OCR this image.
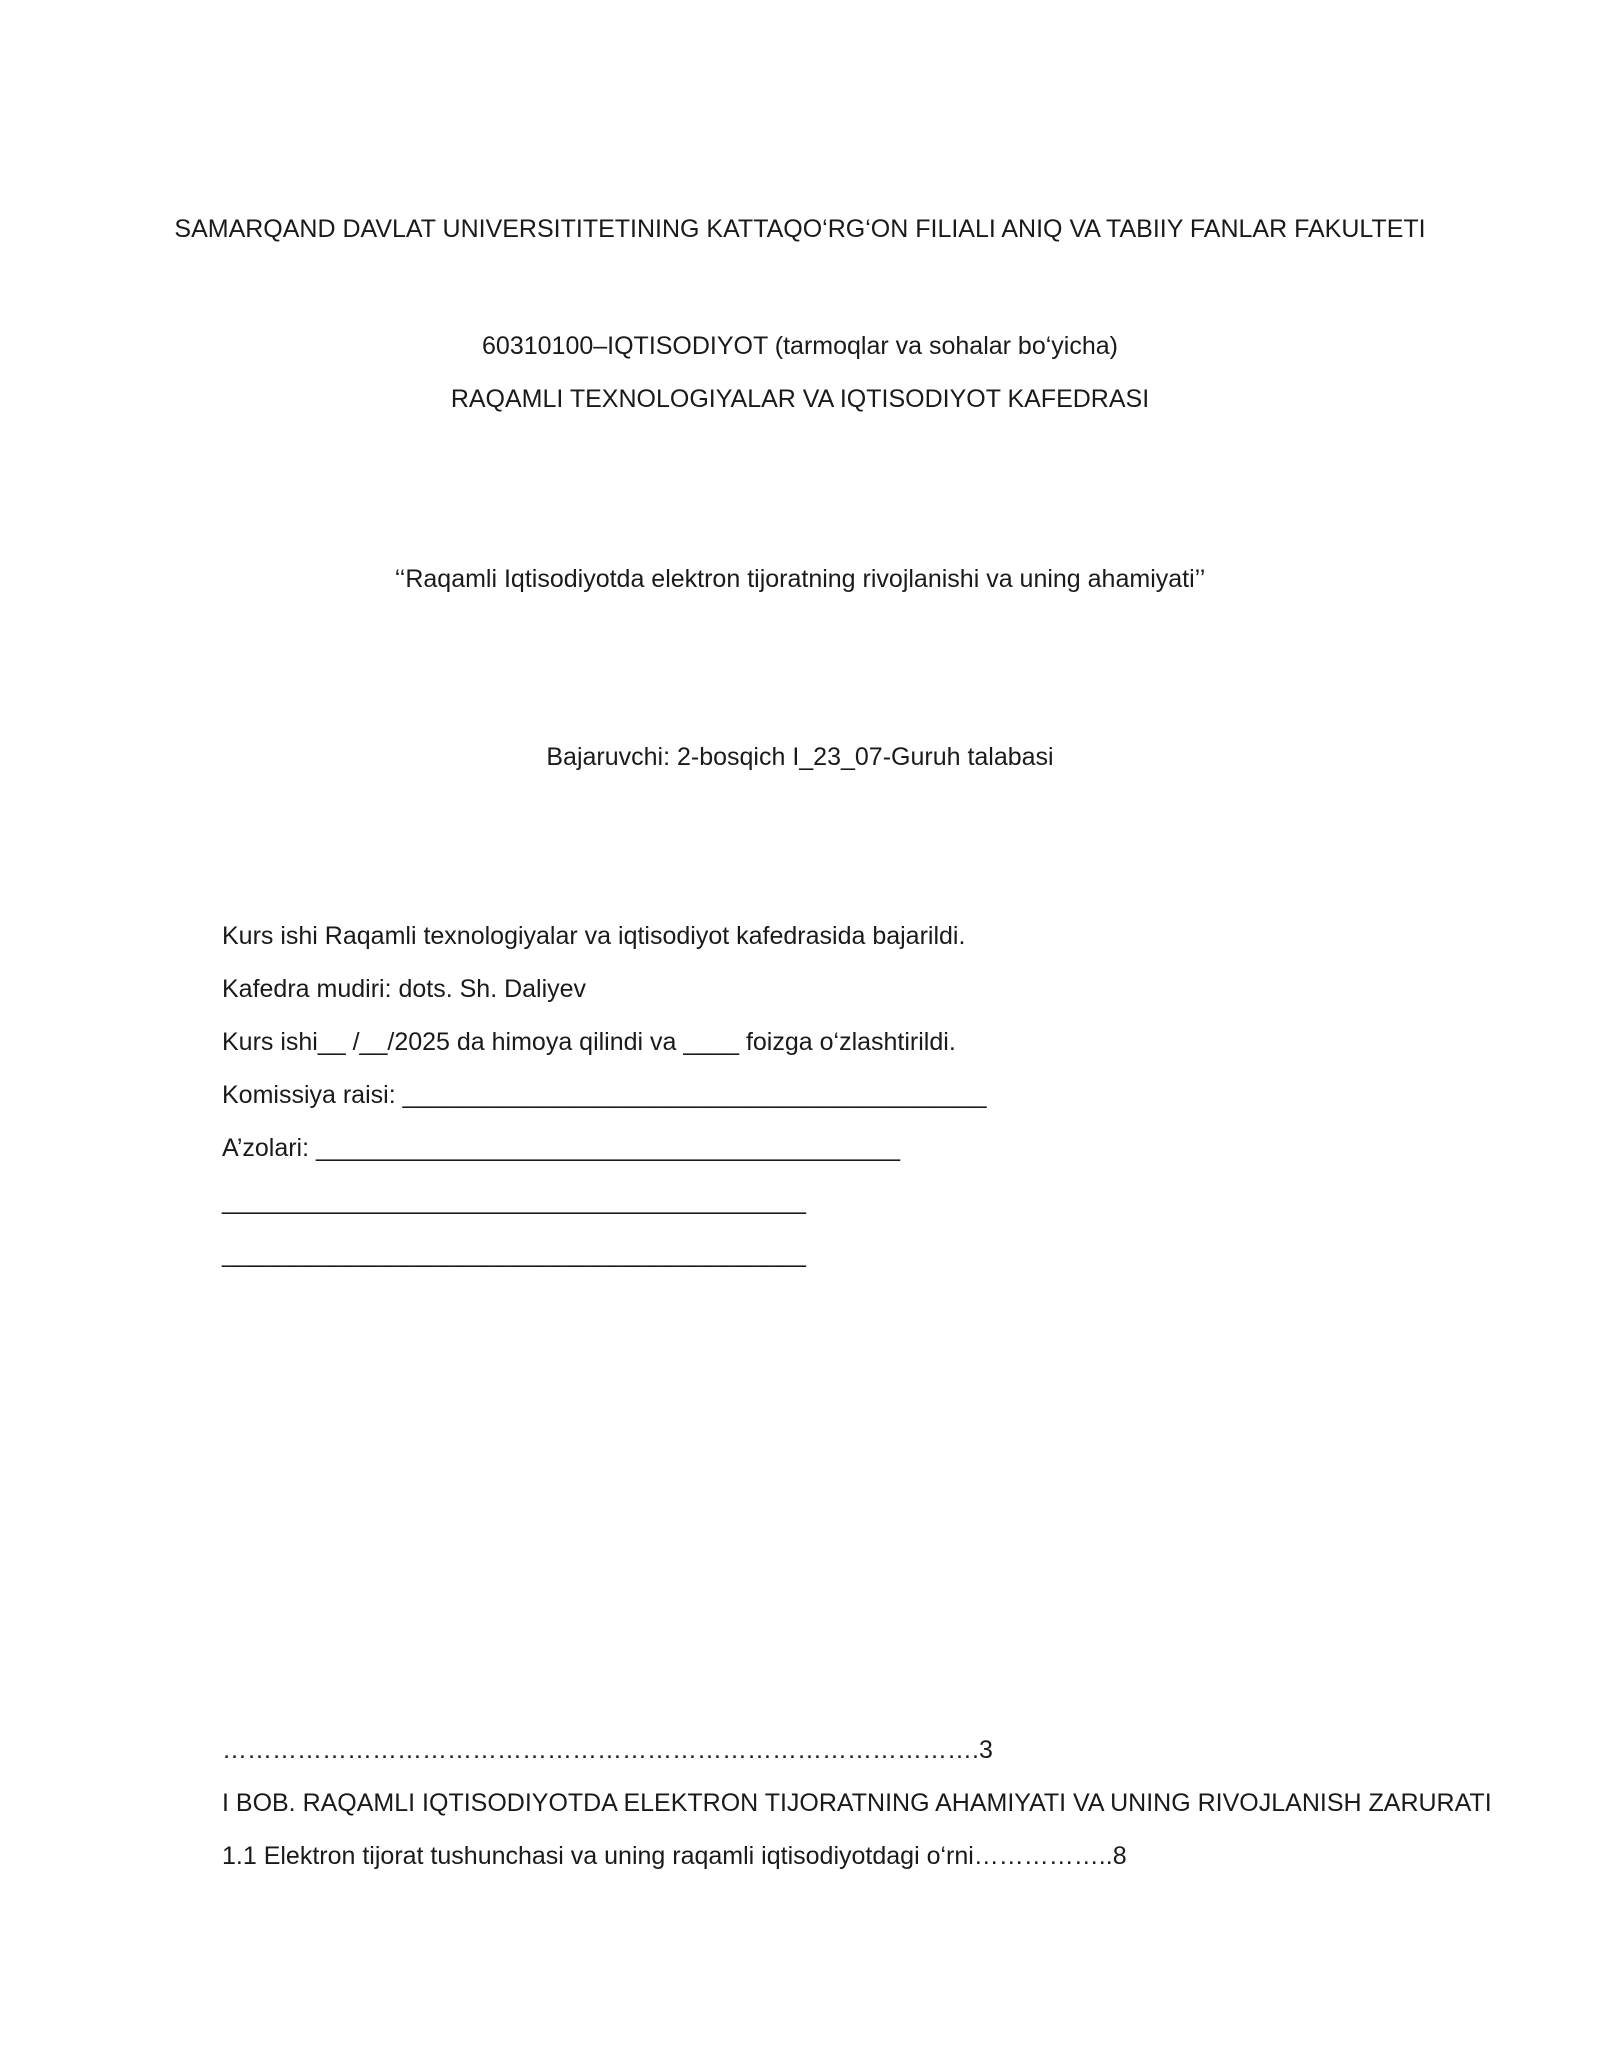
SAMARQAND DAVLAT UNIVERSITITETINING KATTAQO‘RG‘ON FILIALI ANIQ VA TABIIY FANLAR FAKULTETI
60310100–IQTISODIYOT (tarmoqlar va sohalar bo‘yicha)
RAQAMLI TEXNOLOGIYALAR VA IQTISODIYOT KAFEDRASI
‘‘Raqamli Iqtisodiyotda elektron tijoratning rivojlanishi va uning ahamiyati’’
Bajaruvchi: 2-bosqich I_23_07-Guruh talabasi
Kurs ishi Raqamli texnologiyalar va iqtisodiyot kafedrasida bajarildi.
Kafedra mudiri: dots. Sh. Daliyev
Kurs ishi__ /__/2025 da himoya qilindi va ____ foizga o‘zlashtirildi.
Komissiya raisi: __________________________________________
A’zolari: __________________________________________
__________________________________________
__________________________________________
……………………………………………………………………………….3
I BOB. RAQAMLI IQTISODIYOTDA ELEKTRON TIJORATNING AHAMIYATI VA UNING RIVOJLANISH ZARURATI
1.1 Elektron tijorat tushunchasi va uning raqamli iqtisodiyotdagi o‘rni……………..8
